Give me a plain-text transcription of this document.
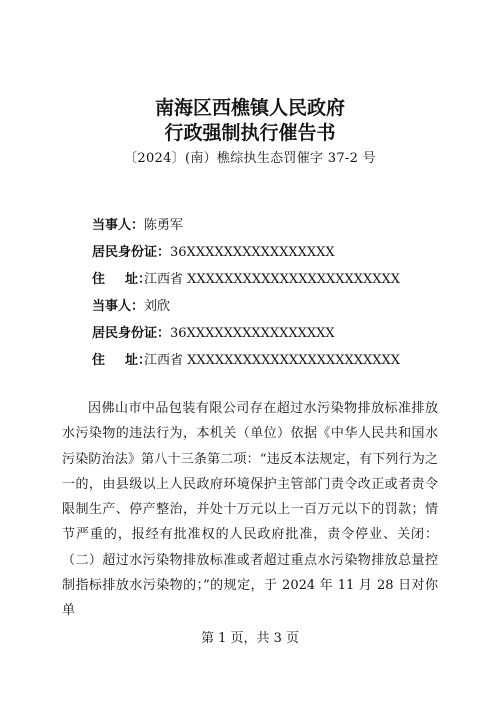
南海区西樵镇人民政府
行政强制执行催告书
〔2024〕(南）樵综执生态罚催字 37-2 号
当事人：陈勇军
居民身份证：36XXXXXXXXXXXXXXXX
住 址：江西省 XXXXXXXXXXXXXXXXXXXXXXX
当事人：刘欣
居民身份证：36XXXXXXXXXXXXXXXX
住 址：江西省 XXXXXXXXXXXXXXXXXXXXXXX
因佛山市中品包装有限公司存在超过水污染物排放标准排放水污染物的违法行为，本机关（单位）依据《中华人民共和国水污染防治法》第八十三条第二项：“违反本法规定，有下列行为之一的，由县级以上人民政府环境保护主管部门责令改正或者责令限制生产、停产整治，并处十万元以上一百万元以下的罚款；情节严重的，报经有批准权的人民政府批准，责令停业、关闭：（二）超过水污染物排放标准或者超过重点水污染物排放总量控制指标排放水污染物的；”的规定，于 2024 年 11 月 28 日对你单
第 1 页，共 3 页
